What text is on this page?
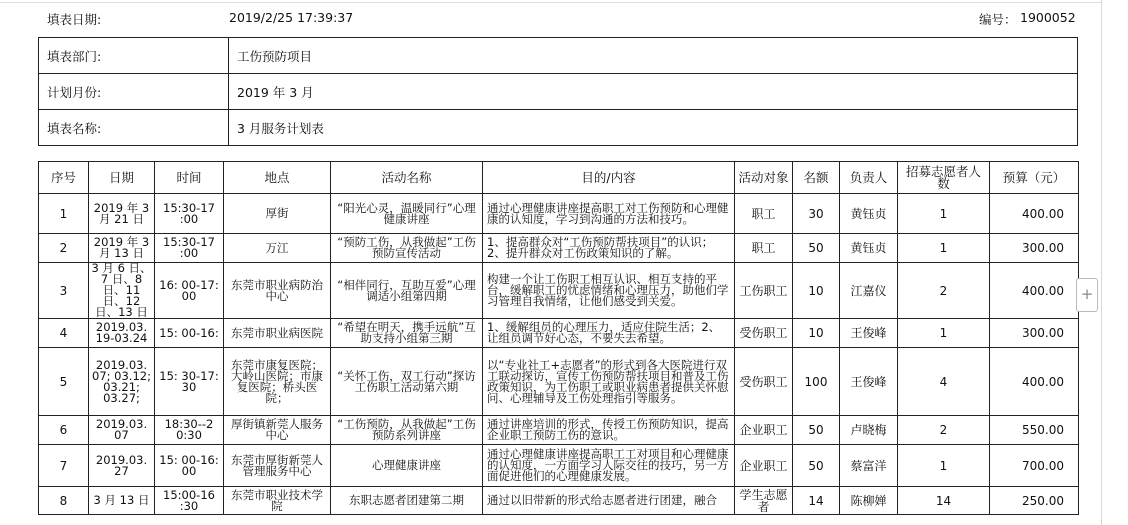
填表日期:	2019/2/25 17:39:37	编号： 1900052
填表部门:	工伤预防项目
计划月份:	2019 年 3 月
填表名称:	3 月服务计划表
序号	日期	时间	地点	活动名称	目的/内容	活动对象	名额	负责人	招募志愿者人数	预算（元）
1	2019 年 3 月 21 日	15:30-17 :00	厚街	“阳光心灵，温暖同行”心理健康讲座	通过心理健康讲座提高职工对工伤预防和心理健康的认知度，学习到沟通的方法和技巧。	职工	30	黄钰贞	1	400.00
2	2019 年 3 月 13 日	15:30-17 :00	万江	“预防工伤，从我做起”工伤预防宣传活动	1、提高群众对“工伤预防帮扶项目”的认识；2、提升群众对工伤政策知识的了解。	职工	50	黄钰贞	1	300.00
3	3 月 6 日、7 日、8 日、11 日、12 日、13 日	16: 00-17: 00	东莞市职业病防治中心	“相伴同行，互助互爱”心理调适小组第四期	构建一个让工伤职工相互认识、相互支持的平台，缓解职工的忧虑情绪和心理压力，助他们学习管理自我情绪，让他们感受到关爱。	工伤职工	10	江嘉仪	2	400.00
4	2019.03. 19-03.24	15: 00-16:	东莞市职业病医院	“希望在明天，携手远航”互助支持小组第三期	1、缓解组员的心理压力，适应住院生活；2、让组员调节好心态，不要失去希望。	受伤职工	10	王俊峰	1	300.00
5	2019.03. 07; 03.12; 03.21; 03.27;	15: 30-17: 30	东莞市康复医院；大岭山医院；市康复医院；桥头医院；	“关怀工伤，双工行动”探访工伤职工活动第六期	以“专业社工+志愿者”的形式到各大医院进行双工联动探访，宣传工伤预防帮扶项目和普及工伤政策知识，为工伤职工或职业病患者提供关怀慰问、心理辅导及工伤处理指引等服务。	受伤职工	100	王俊峰	4	400.00
6	2019.03. 07	18:30--2 0:30	厚街镇新莞人服务中心	“工伤预防，从我做起”工伤预防系列讲座	通过讲座培训的形式，传授工伤预防知识，提高企业职工预防工伤的意识。	企业职工	50	卢晓梅	2	550.00
7	2019.03. 27	15: 00-16: 00	东莞市厚街新莞人管理服务中心	心理健康讲座	通过心理健康讲座提高职工工对项目和心理健康的认知度，一方面学习人际交往的技巧，另一方面促进他们的心理健康发展。	企业职工	50	蔡富洋	1	700.00
8	3 月 13 日	15:00-16 :30	东莞市职业技术学院	东职志愿者团建第二期	通过以旧带新的形式给志愿者进行团建，融合	学生志愿者	14	陈柳婵	14	250.00
+
